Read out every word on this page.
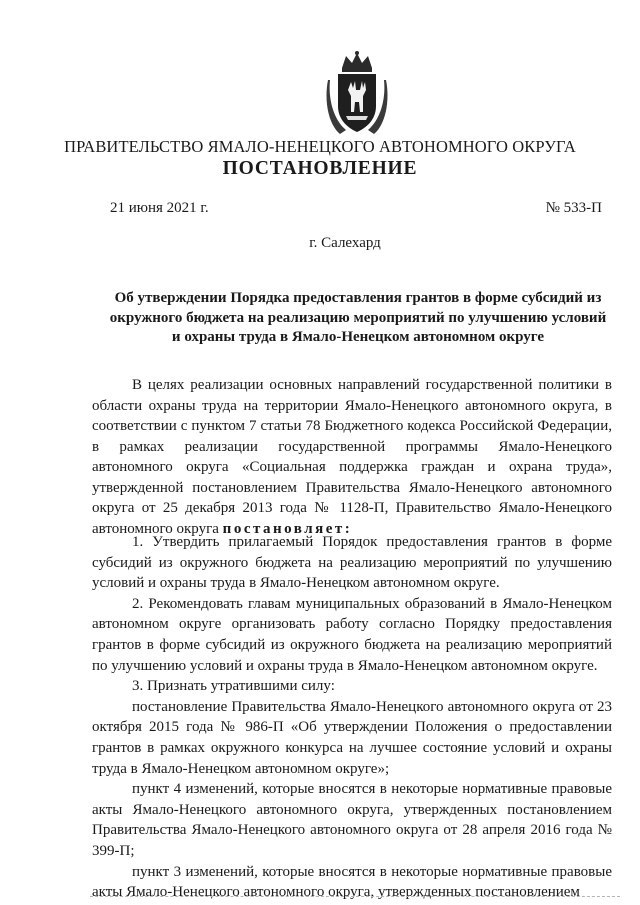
ПРАВИТЕЛЬСТВО ЯМАЛО-НЕНЕЦКОГО АВТОНОМНОГО ОКРУГА
ПОСТАНОВЛЕНИЕ
21 июня 2021 г.	№ 533-П
г. Салехард
Об утверждении Порядка предоставления грантов в форме субсидий из окружного бюджета на реализацию мероприятий по улучшению условий и охраны труда в Ямало-Ненецком автономном округе

В целях реализации основных направлений государственной политики в области охраны труда на территории Ямало-Ненецкого автономного округа, в соответствии с пунктом 7 статьи 78 Бюджетного кодекса Российской Федерации, в рамках реализации государственной программы Ямало-Ненецкого автономного округа «Социальная поддержка граждан и охрана труда», утвержденной постановлением Правительства Ямало-Ненецкого автономного округа от 25 декабря 2013 года № 1128-П, Правительство Ямало-Ненецкого автономного округа постановляет:

1. Утвердить прилагаемый Порядок предоставления грантов в форме субсидий из окружного бюджета на реализацию мероприятий по улучшению условий и охраны труда в Ямало-Ненецком автономном округе.

2. Рекомендовать главам муниципальных образований в Ямало-Ненецком автономном округе организовать работу согласно Порядку предоставления грантов в форме субсидий из окружного бюджета на реализацию мероприятий по улучшению условий и охраны труда в Ямало-Ненецком автономном округе.

3. Признать утратившими силу:

постановление Правительства Ямало-Ненецкого автономного округа от 23 октября 2015 года № 986-П «Об утверждении Положения о предоставлении грантов в рамках окружного конкурса на лучшее состояние условий и охраны труда в Ямало-Ненецком автономном округе»;

пункт 4 изменений, которые вносятся в некоторые нормативные правовые акты Ямало-Ненецкого автономного округа, утвержденных постановлением Правительства Ямало-Ненецкого автономного округа от 28 апреля 2016 года № 399-П;

пункт 3 изменений, которые вносятся в некоторые нормативные правовые акты Ямало-Ненецкого автономного округа, утвержденных постановлением
